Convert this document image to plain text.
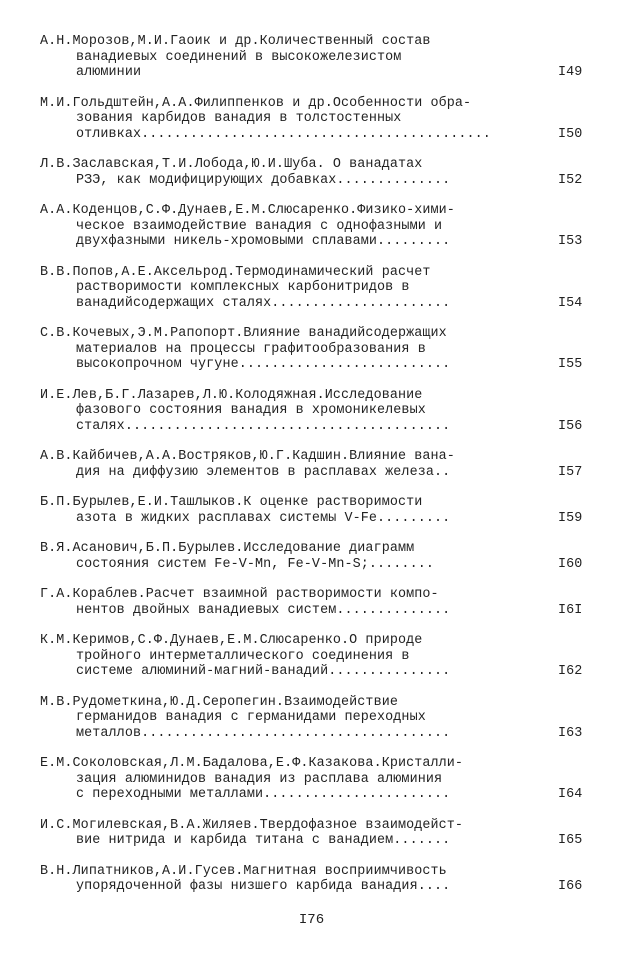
А.Н.Морозов,М.И.Гаоик и др.Количественный состав
ванадиевых соединений в высокожелезистом
алюминии	I49
М.И.Гольдштейн,А.А.Филиппенков и др.Особенности обра-
зования карбидов ванадия в толстостенных
отливках...........................................	I50
Л.В.Заславская,Т.И.Лобода,Ю.И.Шуба. О ванадатах
РЗЭ, как модифицирующих добавках..............	I52
А.А.Коденцов,С.Ф.Дунаев,Е.М.Слюсаренко.Физико-хими-
ческое взаимодействие ванадия с однофазными и
двухфазными никель-хромовыми сплавами.........	I53
В.В.Попов,А.Е.Аксельрод.Термодинамический расчет
растворимости комплексных карбонитридов в
ванадийсодержащих сталях......................	I54
С.В.Кочевых,Э.М.Рапопорт.Влияние ванадийсодержащих
материалов на процессы графитообразования в
высокопрочном чугуне..........................	I55
И.Е.Лев,Б.Г.Лазарев,Л.Ю.Колодяжная.Исследование
фазового состояния ванадия в хромоникелевых
сталях........................................	I56
А.В.Кайбичев,А.А.Востряков,Ю.Г.Кадшин.Влияние вана-
дия на диффузию элементов в расплавах железа..	I57
Б.П.Бурылев,Е.И.Ташлыков.К оценке растворимости
азота в жидких расплавах системы V-Fe.........	I59
В.Я.Асанович,Б.П.Бурылев.Исследование диаграмм
состояния систем Fe-V-Mn, Fe-V-Mn-S;........	I60
Г.А.Кораблев.Расчет взаимной растворимости компо-
нентов двойных ванадиевых систем..............	I6I
К.М.Керимов,С.Ф.Дунаев,Е.М.Слюсаренко.О природе
тройного интерметаллического соединения в
системе алюминий-магний-ванадий...............	I62
М.В.Рудометкина,Ю.Д.Серопегин.Взаимодействие
германидов ванадия с германидами переходных
металлов......................................	I63
Е.М.Соколовская,Л.М.Бадалова,Е.Ф.Казакова.Кристалли-
зация алюминидов ванадия из расплава алюминия
с переходными металлами.......................	I64
И.С.Могилевская,В.А.Жиляев.Твердофазное взаимодейст-
вие нитрида и карбида титана с ванадием.......	I65
В.Н.Липатников,А.И.Гусев.Магнитная восприимчивость
упорядоченной фазы низшего карбида ванадия....	I66
I76
